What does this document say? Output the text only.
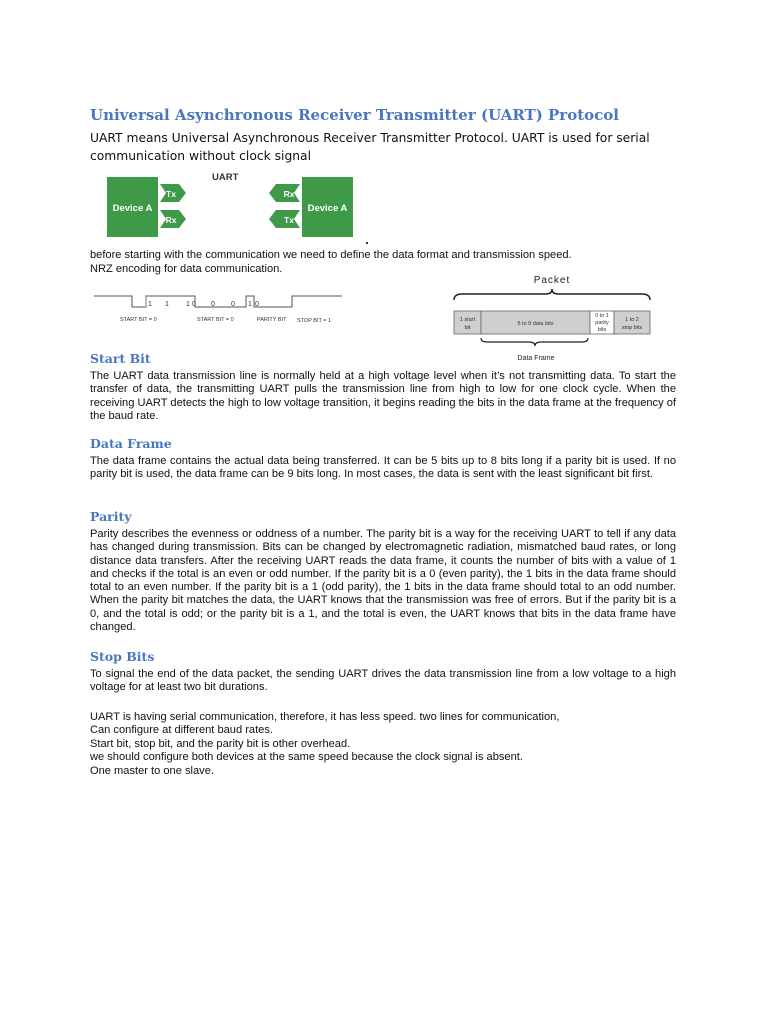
Universal Asynchronous Receiver Transmitter (UART) Protocol
UART means Universal Asynchronous Receiver Transmitter Protocol. UART is used for serial
communication without clock signal
UART
Device A
Tx
Rx
Rx
Tx
Device A
before starting with the communication we need to define the data format and transmission speed.
NRZ encoding for data communication.
1 1 1 0 0 0 1 0
START BIT = 0	START BIT = 0	PARITY BIT STOP BIT = 1
Packet
1 start
bit
5 to 9 data bits
0 to 1
parity
bits
1 to 2
stop bits
Data Frame
Start Bit
The UART data transmission line is normally held at a high voltage level when it’s not transmitting data. To start the transfer of data, the transmitting UART pulls the transmission line from high to low for one clock cycle. When the receiving UART detects the high to low voltage transition, it begins reading the bits in the data frame at the frequency of the baud rate.
Data Frame
The data frame contains the actual data being transferred. It can be 5 bits up to 8 bits long if a parity bit is used. If no parity bit is used, the data frame can be 9 bits long. In most cases, the data is sent with the least significant bit first.
Parity
Parity describes the evenness or oddness of a number. The parity bit is a way for the receiving UART to tell if any data has changed during transmission. Bits can be changed by electromagnetic radiation, mismatched baud rates, or long distance data transfers. After the receiving UART reads the data frame, it counts the number of bits with a value of 1 and checks if the total is an even or odd number. If the parity bit is a 0 (even parity), the 1 bits in the data frame should total to an even number. If the parity bit is a 1 (odd parity), the 1 bits in the data frame should total to an odd number. When the parity bit matches the data, the UART knows that the transmission was free of errors. But if the parity bit is a 0, and the total is odd; or the parity bit is a 1, and the total is even, the UART knows that bits in the data frame have changed.
Stop Bits
To signal the end of the data packet, the sending UART drives the data transmission line from a low voltage to a high voltage for at least two bit durations.
UART is having serial communication, therefore, it has less speed. two lines for communication,
Can configure at different baud rates.
Start bit, stop bit, and the parity bit is other overhead.
we should configure both devices at the same speed because the clock signal is absent.
One master to one slave.
